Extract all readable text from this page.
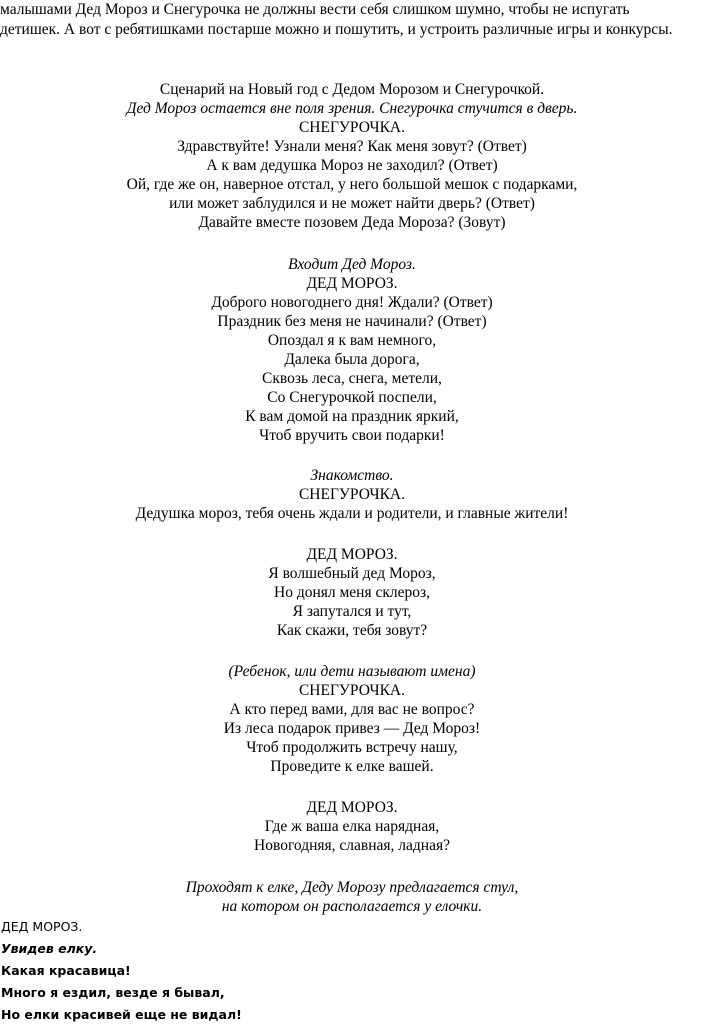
малышами Дед Мороз и Снегурочка не должны вести себя слишком шумно, чтобы не испугать
детишек. А вот с ребятишками постарше можно и пошутить, и устроить различные игры и конкурсы.
Сценарий на Новый год с Дедом Морозом и Снегурочкой.
Дед Мороз остается вне поля зрения. Снегурочка стучится в дверь.
СНЕГУРОЧКА.
Здравствуйте! Узнали меня? Как меня зовут? (Ответ)
А к вам дедушка Мороз не заходил? (Ответ)
Ой, где же он, наверное отстал, у него большой мешок с подарками,
или может заблудился и не может найти дверь? (Ответ)
Давайте вместе позовем Деда Мороза? (Зовут)
Входит Дед Мороз.
ДЕД МОРОЗ.
Доброго новогоднего дня! Ждали? (Ответ)
Праздник без меня не начинали? (Ответ)
Опоздал я к вам немного,
Далека была дорога,
Сквозь леса, снега, метели,
Со Снегурочкой поспели,
К вам домой на праздник яркий,
Чтоб вручить свои подарки!
Знакомство.
СНЕГУРОЧКА.
Дедушка мороз, тебя очень ждали и родители, и главные жители!
ДЕД МОРОЗ.
Я волшебный дед Мороз,
Но донял меня склероз,
Я запутался и тут,
Как скажи, тебя зовут?
(Ребенок, или дети называют имена)
СНЕГУРОЧКА.
А кто перед вами, для вас не вопрос?
Из леса подарок привез — Дед Мороз!
Чтоб продолжить встречу нашу,
Проведите к елке вашей.
ДЕД МОРОЗ.
Где ж ваша елка нарядная,
Новогодняя, славная, ладная?
Проходят к елке, Деду Морозу предлагается стул,
на котором он располагается у елочки.
ДЕД МОРОЗ.
Увидев елку.
Какая красавица!
Много я ездил, везде я бывал,
Но елки красивей еще не видал!
